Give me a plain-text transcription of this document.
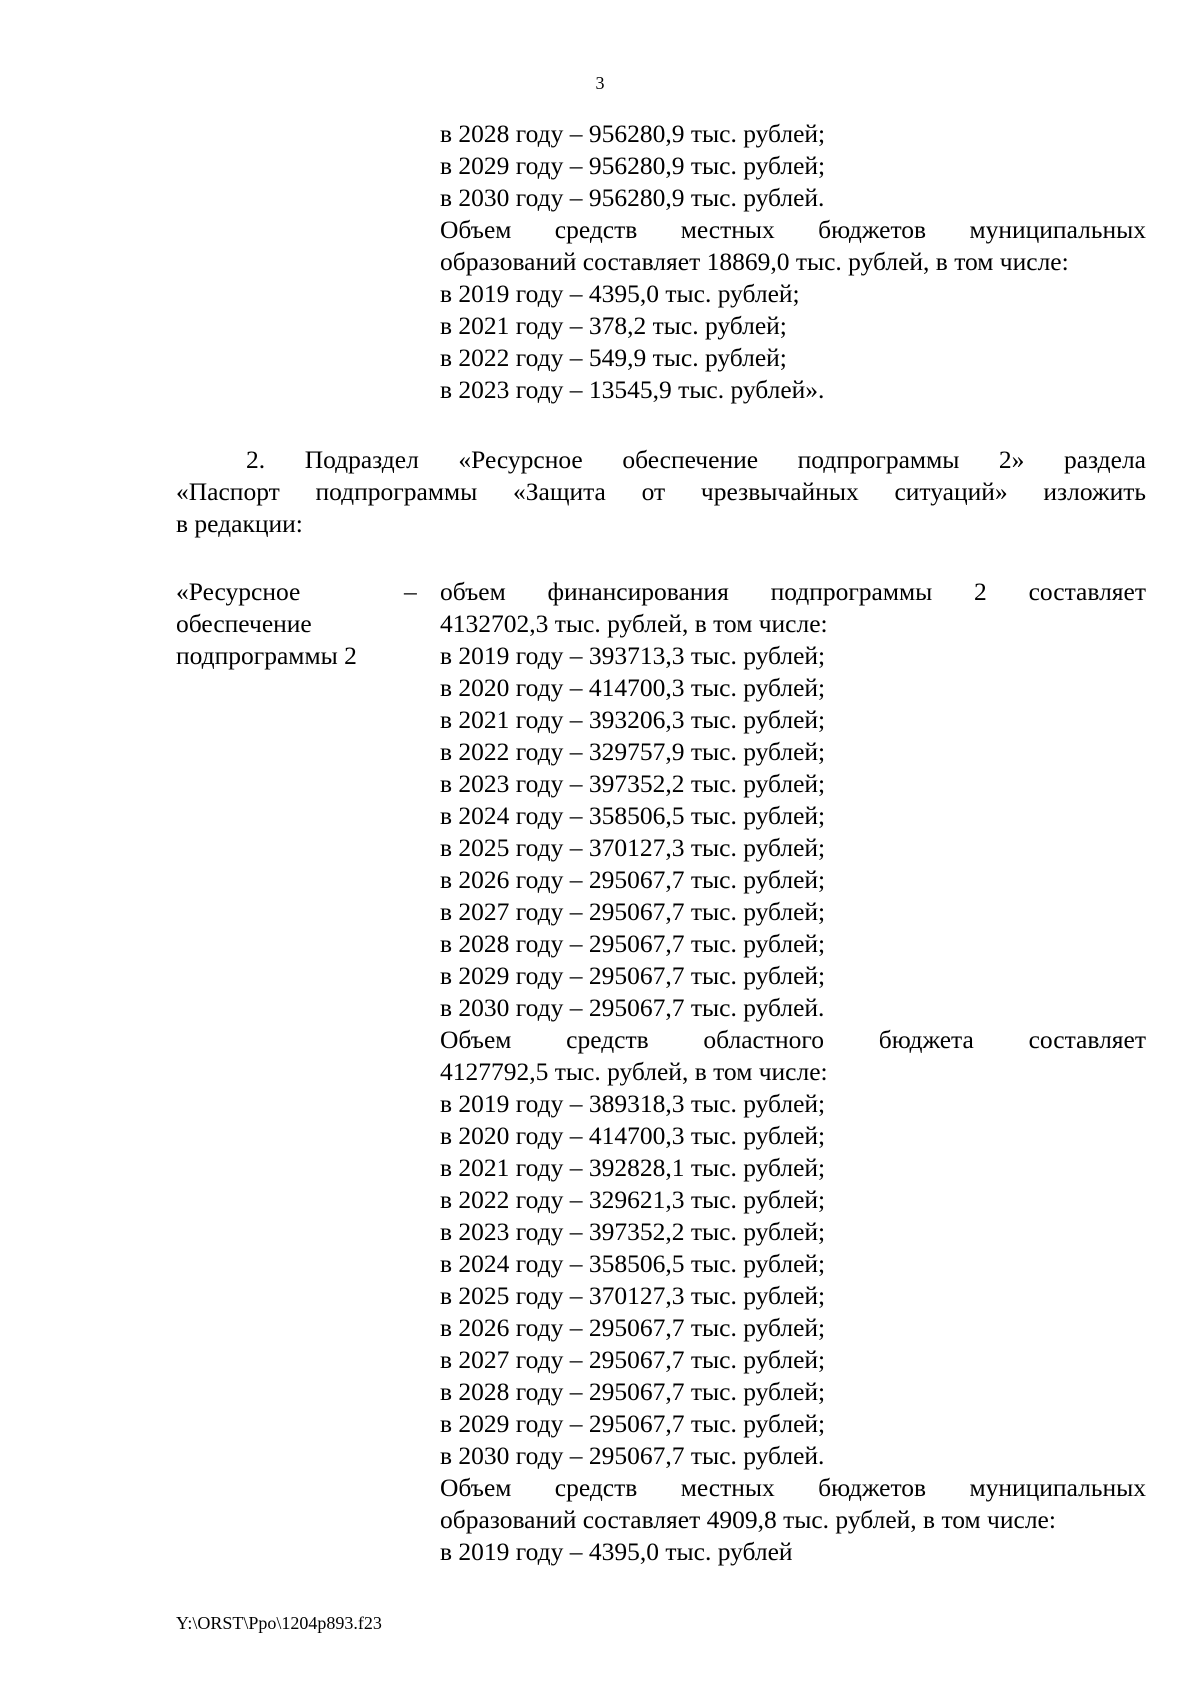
3
в 2028 году – 956280,9 тыс. рублей;
в 2029 году – 956280,9 тыс. рублей;
в 2030 году – 956280,9 тыс. рублей.
Объем средств местных бюджетов муниципальных
образований составляет 18869,0 тыс. рублей, в том числе:
в 2019 году – 4395,0 тыс. рублей;
в 2021 году – 378,2 тыс. рублей;
в 2022 году – 549,9 тыс. рублей;
в 2023 году – 13545,9 тыс. рублей».
2. Подраздел «Ресурсное обеспечение подпрограммы 2» раздела
«Паспорт подпрограммы «Защита от чрезвычайных ситуаций» изложить
в редакции:
«Ресурсное
обеспечение
подпрограммы 2
– объем финансирования подпрограммы 2 составляет
4132702,3 тыс. рублей, в том числе:
в 2019 году – 393713,3 тыс. рублей;
в 2020 году – 414700,3 тыс. рублей;
в 2021 году – 393206,3 тыс. рублей;
в 2022 году – 329757,9 тыс. рублей;
в 2023 году – 397352,2 тыс. рублей;
в 2024 году – 358506,5 тыс. рублей;
в 2025 году – 370127,3 тыс. рублей;
в 2026 году – 295067,7 тыс. рублей;
в 2027 году – 295067,7 тыс. рублей;
в 2028 году – 295067,7 тыс. рублей;
в 2029 году – 295067,7 тыс. рублей;
в 2030 году – 295067,7 тыс. рублей.
Объем средств областного бюджета составляет
4127792,5 тыс. рублей, в том числе:
в 2019 году – 389318,3 тыс. рублей;
в 2020 году – 414700,3 тыс. рублей;
в 2021 году – 392828,1 тыс. рублей;
в 2022 году – 329621,3 тыс. рублей;
в 2023 году – 397352,2 тыс. рублей;
в 2024 году – 358506,5 тыс. рублей;
в 2025 году – 370127,3 тыс. рублей;
в 2026 году – 295067,7 тыс. рублей;
в 2027 году – 295067,7 тыс. рублей;
в 2028 году – 295067,7 тыс. рублей;
в 2029 году – 295067,7 тыс. рублей;
в 2030 году – 295067,7 тыс. рублей.
Объем средств местных бюджетов муниципальных
образований составляет 4909,8 тыс. рублей, в том числе:
в 2019 году – 4395,0 тыс. рублей
Y:\ORST\Ppo\1204p893.f23
